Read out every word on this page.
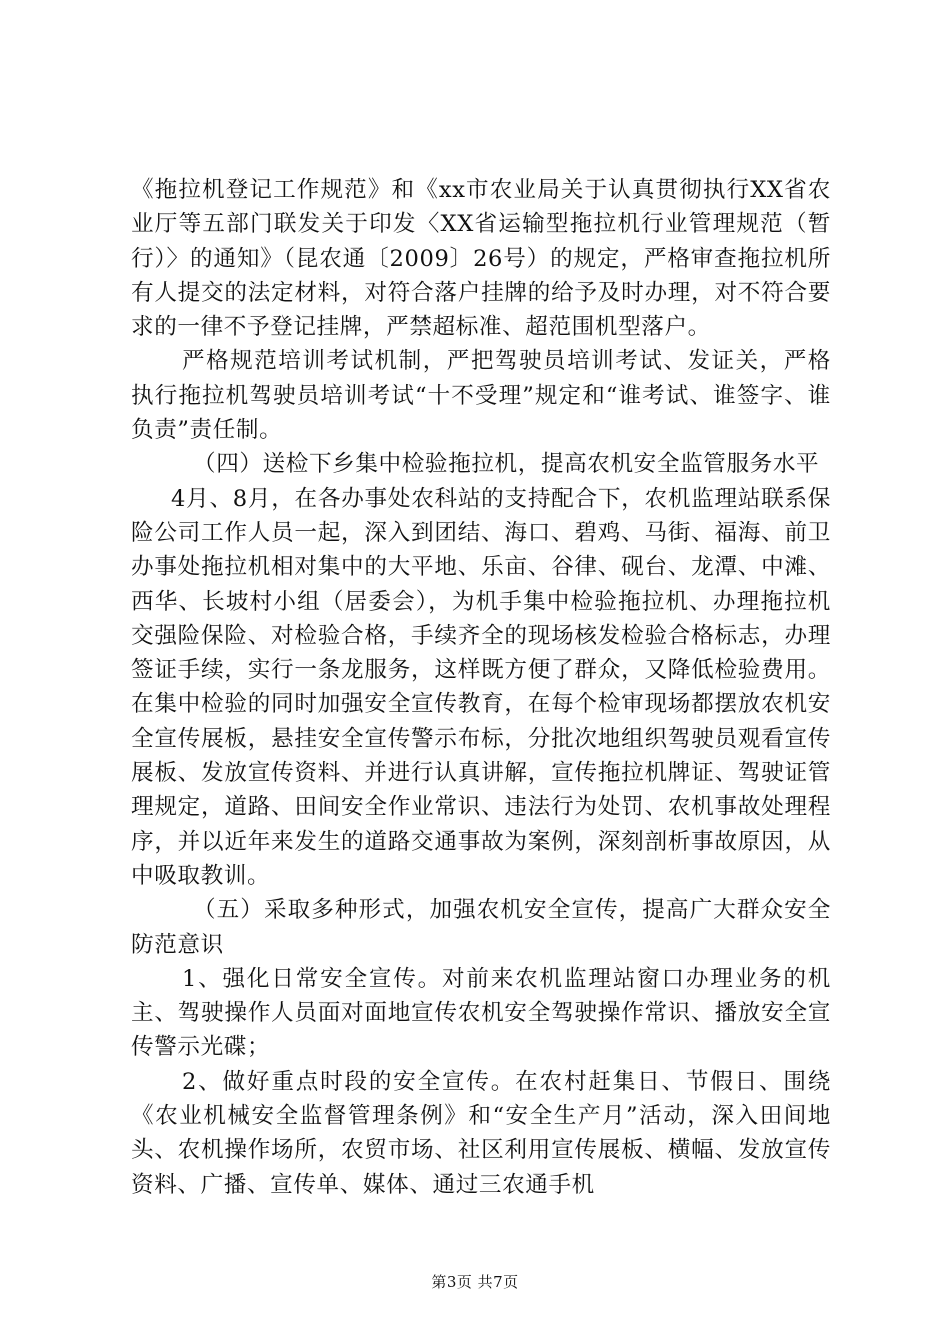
《拖拉机登记工作规范》和《xx市农业局关于认真贯彻执行XX省农业厅等五部门联发关于印发〈XX省运输型拖拉机行业管理规范（暂行）〉的通知》（昆农通〔2009〕26号）的规定，严格审查拖拉机所有人提交的法定材料，对符合落户挂牌的给予及时办理，对不符合要求的一律不予登记挂牌，严禁超标准、超范围机型落户。

严格规范培训考试机制，严把驾驶员培训考试、发证关，严格执行拖拉机驾驶员培训考试“十不受理”规定和“谁考试、谁签字、谁负责”责任制。

（四）送检下乡集中检验拖拉机，提高农机安全监管服务水平

4月、8月，在各办事处农科站的支持配合下，农机监理站联系保险公司工作人员一起，深入到团结、海口、碧鸡、马街、福海、前卫办事处拖拉机相对集中的大平地、乐亩、谷律、砚台、龙潭、中滩、西华、长坡村小组（居委会），为机手集中检验拖拉机、办理拖拉机交强险保险、对检验合格，手续齐全的现场核发检验合格标志，办理签证手续，实行一条龙服务，这样既方便了群众，又降低检验费用。在集中检验的同时加强安全宣传教育，在每个检审现场都摆放农机安全宣传展板，悬挂安全宣传警示布标，分批次地组织驾驶员观看宣传展板、发放宣传资料、并进行认真讲解，宣传拖拉机牌证、驾驶证管理规定，道路、田间安全作业常识、违法行为处罚、农机事故处理程序，并以近年来发生的道路交通事故为案例，深刻剖析事故原因，从中吸取教训。

（五）采取多种形式，加强农机安全宣传，提高广大群众安全防范意识

1、强化日常安全宣传。对前来农机监理站窗口办理业务的机主、驾驶操作人员面对面地宣传农机安全驾驶操作常识、播放安全宣传警示光碟；

2、做好重点时段的安全宣传。在农村赶集日、节假日、围绕《农业机械安全监督管理条例》和“安全生产月”活动，深入田间地头、农机操作场所，农贸市场、社区利用宣传展板、横幅、发放宣传资料、广播、宣传单、媒体、通过三农通手机

第3页 共7页
